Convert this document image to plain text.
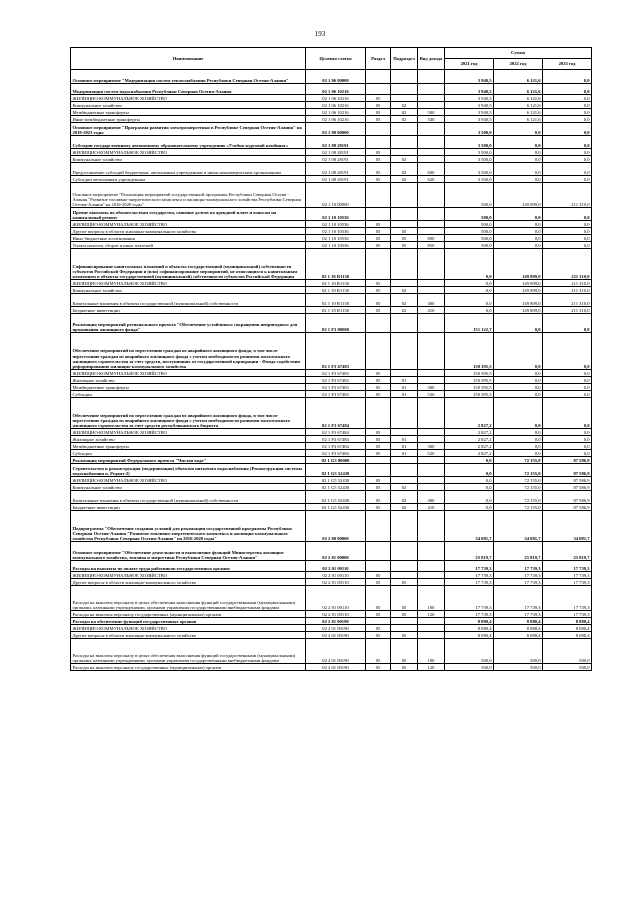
193
Наименование	Целевая статья	Раздел	Подраздел	Вид дохода	Сумма		
					2021 год	2022 год	2023 год
Основное мероприятие "Модернизация систем теплоснабжения Республики Северная Осетия-Алания"	02 1 06 00000				3 940,5	6 121,6	0,0
Модернизация систем водоснабжения Республики Северная Осетия-Алания	02 1 06 10216				3 940,5	6 121,6	0,0
ЖИЛИЩНО-КОММУНАЛЬНОЕ ХОЗЯЙСТВО	02 1 06 10216	05			3 940,5	6 121,6	0,0
Коммунальное хозяйство	02 1 06 10216	05	02		3 940,5	6 121,6	0,0
Межбюджетные трансферты	02 1 06 10216	05	02	500	3 940,5	6 121,6	0,0
Иные межбюджетные трансферты	02 1 06 10216	05	02	540	3 940,5	6 121,6	0,0
Основное мероприятие "Программа развития электроэнергетики в Республике Северная Осетия-Алания" на 2019-2023 годы	02 1 08 00000				3 500,0	0,0	0,0
Субсидии государственному автономному образовательному учреждению «Учебно-курсовой комбинат»	02 1 08 28191				3 500,0	0,0	0,0
ЖИЛИЩНО-КОММУНАЛЬНОЕ ХОЗЯЙСТВО	02 1 08 28191	05			3 500,0	0,0	0,0
Коммунальное хозяйство	02 1 08 28191	05	02		3 500,0	0,0	0,0
Предоставление субсидий бюджетным, автономным учреждениям и иным некоммерческим организациям	02 1 08 28191	05	02	600	3 500,0	0,0	0,0
Субсидии автономным учреждениям	02 1 08 28191	05	02	620	3 500,0	0,0	0,0
Основное мероприятие "Реализация мероприятий государственной программы Республики Северная Осетия - Алания "Развитие топливно-энергетического комплекса и жилищно-коммунального хозяйства Республики Северная Осетия-Алания" на 2016-2020 годы"	02 1 10 00000				500,0	149 809,0	211 310,0
Прочие выплаты по обязательствам государства, гашение долгов по арендной плате и взносам на капитальный ремонт	02 1 10 10536				500,0	0,0	0,0
ЖИЛИЩНО-КОММУНАЛЬНОЕ ХОЗЯЙСТВО	02 1 10 10536	05			500,0	0,0	0,0
Другие вопросы в области жилищно-коммунального хозяйства	02 1 10 10536	05	05		500,0	0,0	0,0
Иные бюджетные ассигнования	02 1 10 10536	05	05	800	500,0	0,0	0,0
Уплата налогов, сборов и иных платежей	02 1 10 10536	05	05	850	500,0	0,0	0,0
Софинансирование капитальных вложений в объекты государственной (муниципальной) собственности субъектов Российской Федерации и (или) софинансирование мероприятий, не относящихся к капитальным вложениям в объекты государственной (муниципальной) собственности субъектов Российской Федерации	02 1 10 R1130				0,0	149 809,0	211 310,0
ЖИЛИЩНО-КОММУНАЛЬНОЕ ХОЗЯЙСТВО	02 1 10 R1130	05			0,0	149 809,0	211 310,0
Коммунальное хозяйство	02 1 10 R1130	05	02		0,0	149 809,0	211 310,0
Капитальные вложения в объекты государственной (муниципальной) собственности	02 1 10 R1130	05	02	400	0,0	149 809,0	211 310,0
Бюджетные инвестиции	02 1 10 R1130	05	02	410	0,0	149 809,0	211 310,0
Реализация мероприятий регионального проекта "Обеспечение устойчивого сокращения непригодного для проживания жилищного фонда"	02 1 F3 00000				151 122,7	0,0	0,0
Обеспечение мероприятий по переселению граждан из аварийного жилищного фонда, в том числе переселению граждан из аварийного жилищного фонда с учетом необходимости развития малоэтажного жилищного строительства за счет средств, поступивших от государственной корпорации - Фонда содействия реформированию жилищно-коммунального хозяйства	02 1 F3 67483				150 395,5	0,0	0,0
ЖИЛИЩНО-КОММУНАЛЬНОЕ ХОЗЯЙСТВО	02 1 F3 67483	05			150 395,5	0,0	0,0
Жилищное хозяйство	02 1 F3 67483	05	01		150 395,5	0,0	0,0
Межбюджетные трансферты	02 1 F3 67483	05	01	500	150 395,5	0,0	0,0
Субсидии	02 1 F3 67483	05	01	520	150 395,5	0,0	0,0
Обеспечение мероприятий по переселению граждан из аварийного жилищного фонда, в том числе переселению граждан из аварийного жилищного фонда с учетом необходимости развития малоэтажного жилищного строительства за счет средств республиканского бюджета	02 1 F3 67484				2 827,2	0,0	0,0
ЖИЛИЩНО-КОММУНАЛЬНОЕ ХОЗЯЙСТВО	02 1 F3 67484	05			2 827,2	0,0	0,0
Жилищное хозяйство	02 1 F3 67484	05	01		2 827,2	0,0	0,0
Межбюджетные трансферты	02 1 F3 67484	05	01	500	2 827,2	0,0	0,0
Субсидии	02 1 F3 67484	05	01	520	2 827,2	0,0	0,0
Реализация мероприятий Федерального проекта "Чистая вода"	02 1 G5 00000				0,0	72 155,0	87 586,9
Строительство и реконструкция (модернизация) объектов питьевого водоснабжения (Реконструкция системы водоснабжения п. Редант-2)	02 1 G5 52430				0,0	72 155,0	87 586,9
ЖИЛИЩНО-КОММУНАЛЬНОЕ ХОЗЯЙСТВО	02 1 G5 52430	05			0,0	72 155,0	87 586,9
Коммунальное хозяйство	02 1 G5 52430	05	02		0,0	72 155,0	87 586,9
Капитальные вложения в объекты государственной (муниципальной) собственности	02 1 G5 52430	05	02	400	0,0	72 155,0	87 586,9
Бюджетные инвестиции	02 1 G5 52430	05	02	410	0,0	72 155,0	87 586,9
Подпрограмма "Обеспечение создания условий для реализации государственной программы Республики Северная Осетия-Алания "Развитие топливно-энергетического комплекса и жилищно-коммунального хозяйства Республики Северная Осетия-Алания" на 2016-2020 годы"	02 2 00 00000				34 081,7	34 081,7	34 081,7
Основное мероприятие "Обеспечение деятельности и выполнение функций Министерства жилищно-коммунального хозяйства, топлива и энергетики Республики Северная Осетия-Алания"	02 2 01 00000				25 819,7	25 819,7	25 819,7
Расходы на выплаты по оплате труда работников государственных органов	02 2 01 00110				17 739,3	17 739,3	17 739,3
ЖИЛИЩНО-КОММУНАЛЬНОЕ ХОЗЯЙСТВО	02 2 01 00110	05			17 739,3	17 739,3	17 739,3
Другие вопросы в области жилищно-коммунального хозяйства	02 2 01 00110	05	05		17 739,3	17 739,3	17 739,3
Расходы на выплаты персоналу в целях обеспечения выполнения функций государственными (муниципальными) органами, казенными учреждениями, органами управления государственными внебюджетными фондами	02 2 01 00110	05	05	100	17 739,3	17 739,3	17 739,3
Расходы на выплаты персоналу государственных (муниципальных) органов	02 2 01 00110	05	05	120	17 739,3	17 739,3	17 739,3
Расходы на обеспечение функций государственных органов	02 2 01 00190				8 080,4	8 080,4	8 080,4
ЖИЛИЩНО-КОММУНАЛЬНОЕ ХОЗЯЙСТВО	02 2 01 00190	05			8 080,4	8 080,4	8 080,4
Другие вопросы в области жилищно-коммунального хозяйства	02 2 01 00190	05	05		8 080,4	8 080,4	8 080,4
Расходы на выплаты персоналу в целях обеспечения выполнения функций государственными (муниципальными) органами, казенными учреждениями, органами управления государственными внебюджетными фондами	02 2 01 00190	05	05	100	500,0	500,0	500,0
Расходы на выплаты персоналу государственных (муниципальных) органов	02 2 01 00190	05	05	120	500,0	500,0	500,0
